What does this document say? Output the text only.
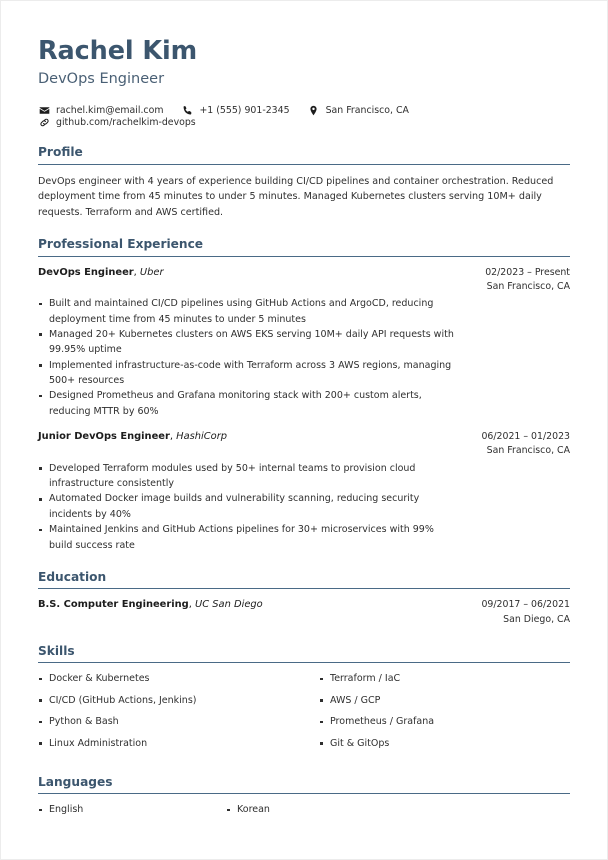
Rachel Kim
DevOps Engineer
rachel.kim@email.com	+1 (555) 901-2345	San Francisco, CA
github.com/rachelkim-devops
Profile

DevOps engineer with 4 years of experience building CI/CD pipelines and container orchestration. Reduced deployment time from 45 minutes to under 5 minutes. Managed Kubernetes clusters serving 10M+ daily requests. Terraform and AWS certified.

Professional Experience
DevOps Engineer, Uber	02/2023 – Present
San Francisco, CA
Built and maintained CI/CD pipelines using GitHub Actions and ArgoCD, reducing deployment time from 45 minutes to under 5 minutes
Managed 20+ Kubernetes clusters on AWS EKS serving 10M+ daily API requests with 99.95% uptime
Implemented infrastructure-as-code with Terraform across 3 AWS regions, managing 500+ resources
Designed Prometheus and Grafana monitoring stack with 200+ custom alerts, reducing MTTR by 60%
Junior DevOps Engineer, HashiCorp	06/2021 – 01/2023
San Francisco, CA
Developed Terraform modules used by 50+ internal teams to provision cloud infrastructure consistently
Automated Docker image builds and vulnerability scanning, reducing security incidents by 40%
Maintained Jenkins and GitHub Actions pipelines for 30+ microservices with 99% build success rate
Education
B.S. Computer Engineering, UC San Diego	09/2017 – 06/2021
San Diego, CA
Skills
Docker & Kubernetes
CI/CD (GitHub Actions, Jenkins)
Python & Bash
Linux Administration
Terraform / IaC
AWS / GCP
Prometheus / Grafana
Git & GitOps
Languages
English	Korean
